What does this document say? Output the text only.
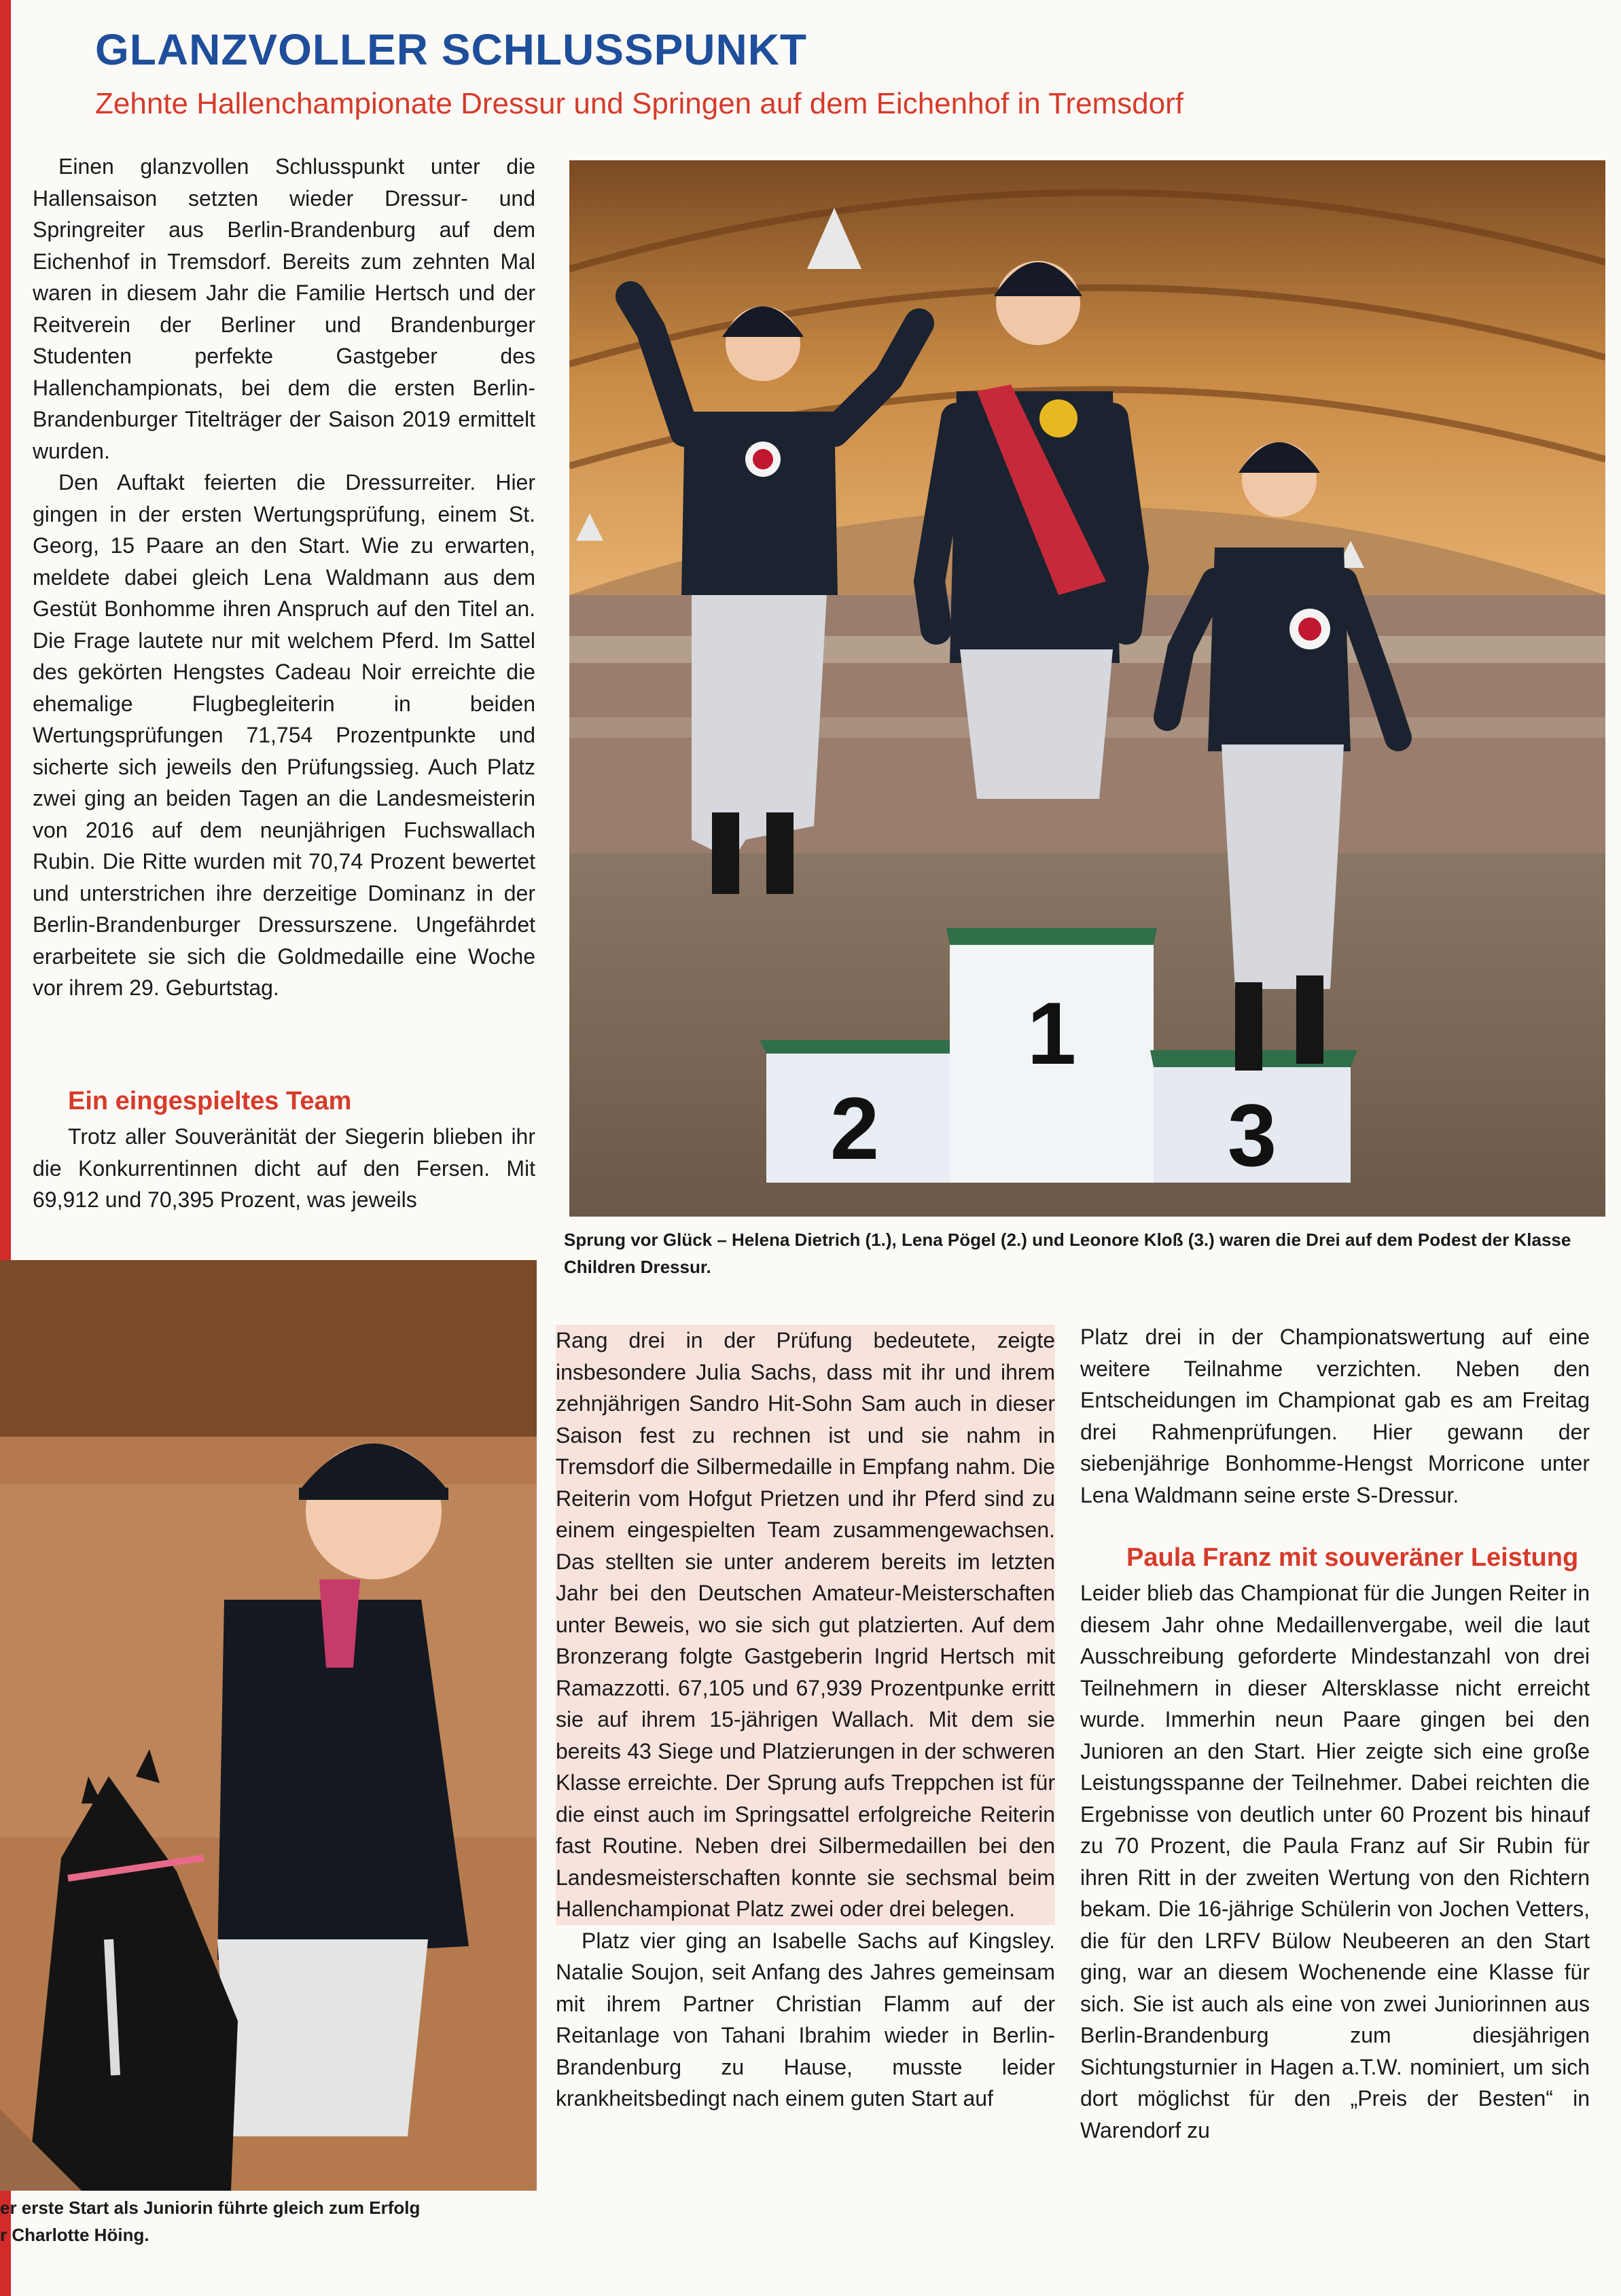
GLANZVOLLER SCHLUSSPUNKT
Zehnte Hallenchampionate Dressur und Springen auf dem Eichenhof in Tremsdorf

Einen glanzvollen Schlusspunkt unter die Hallensaison setzten wieder Dressur- und Springreiter aus Berlin-Brandenburg auf dem Eichenhof in Tremsdorf. Bereits zum zehnten Mal waren in diesem Jahr die Familie Hertsch und der Reitverein der Berliner und Brandenburger Studenten perfekte Gastgeber des Hallenchampionats, bei dem die ersten Berlin-Brandenburger Titelträger der Saison 2019 ermittelt wurden.

Den Auftakt feierten die Dressurreiter. Hier gingen in der ersten Wertungsprüfung, einem St. Georg, 15 Paare an den Start. Wie zu erwarten, meldete dabei gleich Lena Waldmann aus dem Gestüt Bonhomme ihren Anspruch auf den Titel an. Die Frage lautete nur mit welchem Pferd. Im Sattel des gekörten Hengstes Cadeau Noir erreichte die ehemalige Flugbegleiterin in beiden Wertungsprüfungen 71,754 Prozentpunkte und sicherte sich jeweils den Prüfungssieg. Auch Platz zwei ging an beiden Tagen an die Landesmeisterin von 2016 auf dem neunjährigen Fuchswallach Rubin. Die Ritte wurden mit 70,74 Prozent bewertet und unterstrichen ihre derzeitige Dominanz in der Berlin-Brandenburger Dressurszene. Ungefährdet erarbeitete sie sich die Goldmedaille eine Woche vor ihrem 29. Geburtstag.

Ein eingespieltes Team

Trotz aller Souveränität der Siegerin blieben ihr die Konkurrentinnen dicht auf den Fersen. Mit 69,912 und 70,395 Prozent, was jeweils

1
2	3
Sprung vor Glück – Helena Dietrich (1.), Lena Pögel (2.) und Leonore Kloß (3.) waren die Drei auf dem Podest der Klasse Children Dressur.
er erste Start als Juniorin führte gleich zum Erfolg
r Charlotte Höing.

Rang drei in der Prüfung bedeutete, zeigte insbesondere Julia Sachs, dass mit ihr und ihrem zehnjährigen Sandro Hit-Sohn Sam auch in dieser Saison fest zu rechnen ist und sie nahm in Tremsdorf die Silbermedaille in Empfang nahm. Die Reiterin vom Hofgut Prietzen und ihr Pferd sind zu einem eingespielten Team zusammengewachsen. Das stellten sie unter anderem bereits im letzten Jahr bei den Deutschen Amateur-Meisterschaften unter Beweis, wo sie sich gut platzierten. Auf dem Bronzerang folgte Gastgeberin Ingrid Hertsch mit Ramazzotti. 67,105 und 67,939 Prozentpunke erritt sie auf ihrem 15-jährigen Wallach. Mit dem sie bereits 43 Siege und Platzierungen in der schweren Klasse erreichte. Der Sprung aufs Treppchen ist für die einst auch im Springsattel erfolgreiche Reiterin fast Routine. Neben drei Silbermedaillen bei den Landesmeisterschaften konnte sie sechsmal beim Hallenchampionat Platz zwei oder drei belegen.

Platz vier ging an Isabelle Sachs auf Kingsley. Natalie Soujon, seit Anfang des Jahres gemeinsam mit ihrem Partner Christian Flamm auf der Reitanlage von Tahani Ibrahim wieder in Berlin-Brandenburg zu Hause, musste leider krankheitsbedingt nach einem guten Start auf

Platz drei in der Championatswertung auf eine weitere Teilnahme verzichten. Neben den Entscheidungen im Championat gab es am Freitag drei Rahmenprüfungen. Hier gewann der siebenjährige Bonhomme-Hengst Morricone unter Lena Waldmann seine erste S-Dressur.

Paula Franz mit souveräner Leistung

Leider blieb das Championat für die Jungen Reiter in diesem Jahr ohne Medaillenvergabe, weil die laut Ausschreibung geforderte Mindestanzahl von drei Teilnehmern in dieser Altersklasse nicht erreicht wurde. Immerhin neun Paare gingen bei den Junioren an den Start. Hier zeigte sich eine große Leistungsspanne der Teilnehmer. Dabei reichten die Ergebnisse von deutlich unter 60 Prozent bis hinauf zu 70 Prozent, die Paula Franz auf Sir Rubin für ihren Ritt in der zweiten Wertung von den Richtern bekam. Die 16-jährige Schülerin von Jochen Vetters, die für den LRFV Bülow Neubeeren an den Start ging, war an diesem Wochenende eine Klasse für sich. Sie ist auch als eine von zwei Juniorinnen aus Berlin-Brandenburg zum diesjährigen Sichtungsturnier in Hagen a.T.W. nominiert, um sich dort möglichst für den „Preis der Besten“ in Warendorf zu
